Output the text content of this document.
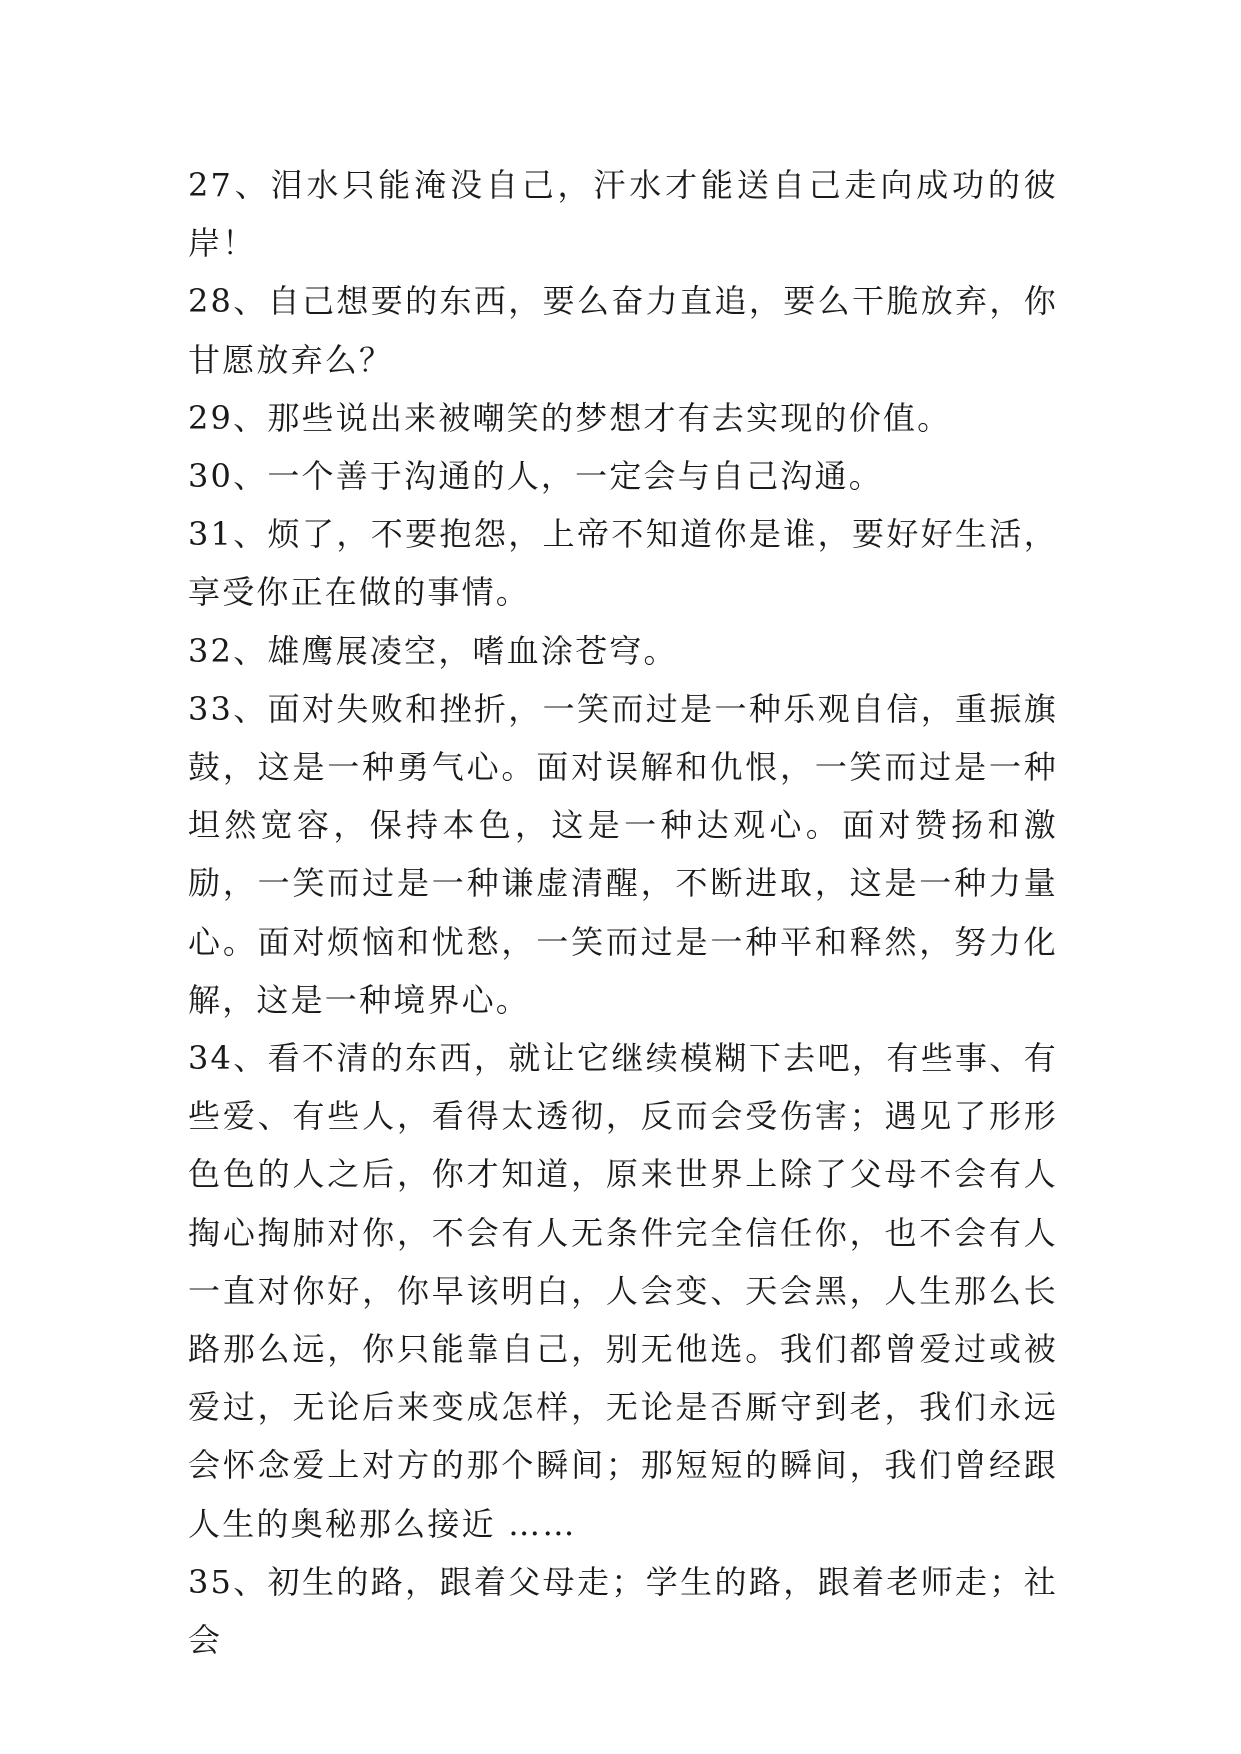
27、泪水只能淹没自己，汗水才能送自己走向成功的彼岸！

28、自己想要的东西，要么奋力直追，要么干脆放弃，你甘愿放弃么？

29、那些说出来被嘲笑的梦想才有去实现的价值。

30、一个善于沟通的人，一定会与自己沟通。

31、烦了，不要抱怨，上帝不知道你是谁，要好好生活，享受你正在做的事情。

32、雄鹰展凌空，嗜血涂苍穹。

33、面对失败和挫折，一笑而过是一种乐观自信，重振旗鼓，这是一种勇气心。面对误解和仇恨，一笑而过是一种坦然宽容，保持本色，这是一种达观心。面对赞扬和激励，一笑而过是一种谦虚清醒，不断进取，这是一种力量心。面对烦恼和忧愁，一笑而过是一种平和释然，努力化解，这是一种境界心。

34、看不清的东西，就让它继续模糊下去吧，有些事、有些爱、有些人，看得太透彻，反而会受伤害；遇见了形形色色的人之后，你才知道，原来世界上除了父母不会有人掏心掏肺对你，不会有人无条件完全信任你，也不会有人一直对你好，你早该明白，人会变、天会黑，人生那么长路那么远，你只能靠自己，别无他选。我们都曾爱过或被爱过，无论后来变成怎样，无论是否厮守到老，我们永远会怀念爱上对方的那个瞬间；那短短的瞬间，我们曾经跟人生的奥秘那么接近 ……

35、初生的路，跟着父母走；学生的路，跟着老师走；社会
